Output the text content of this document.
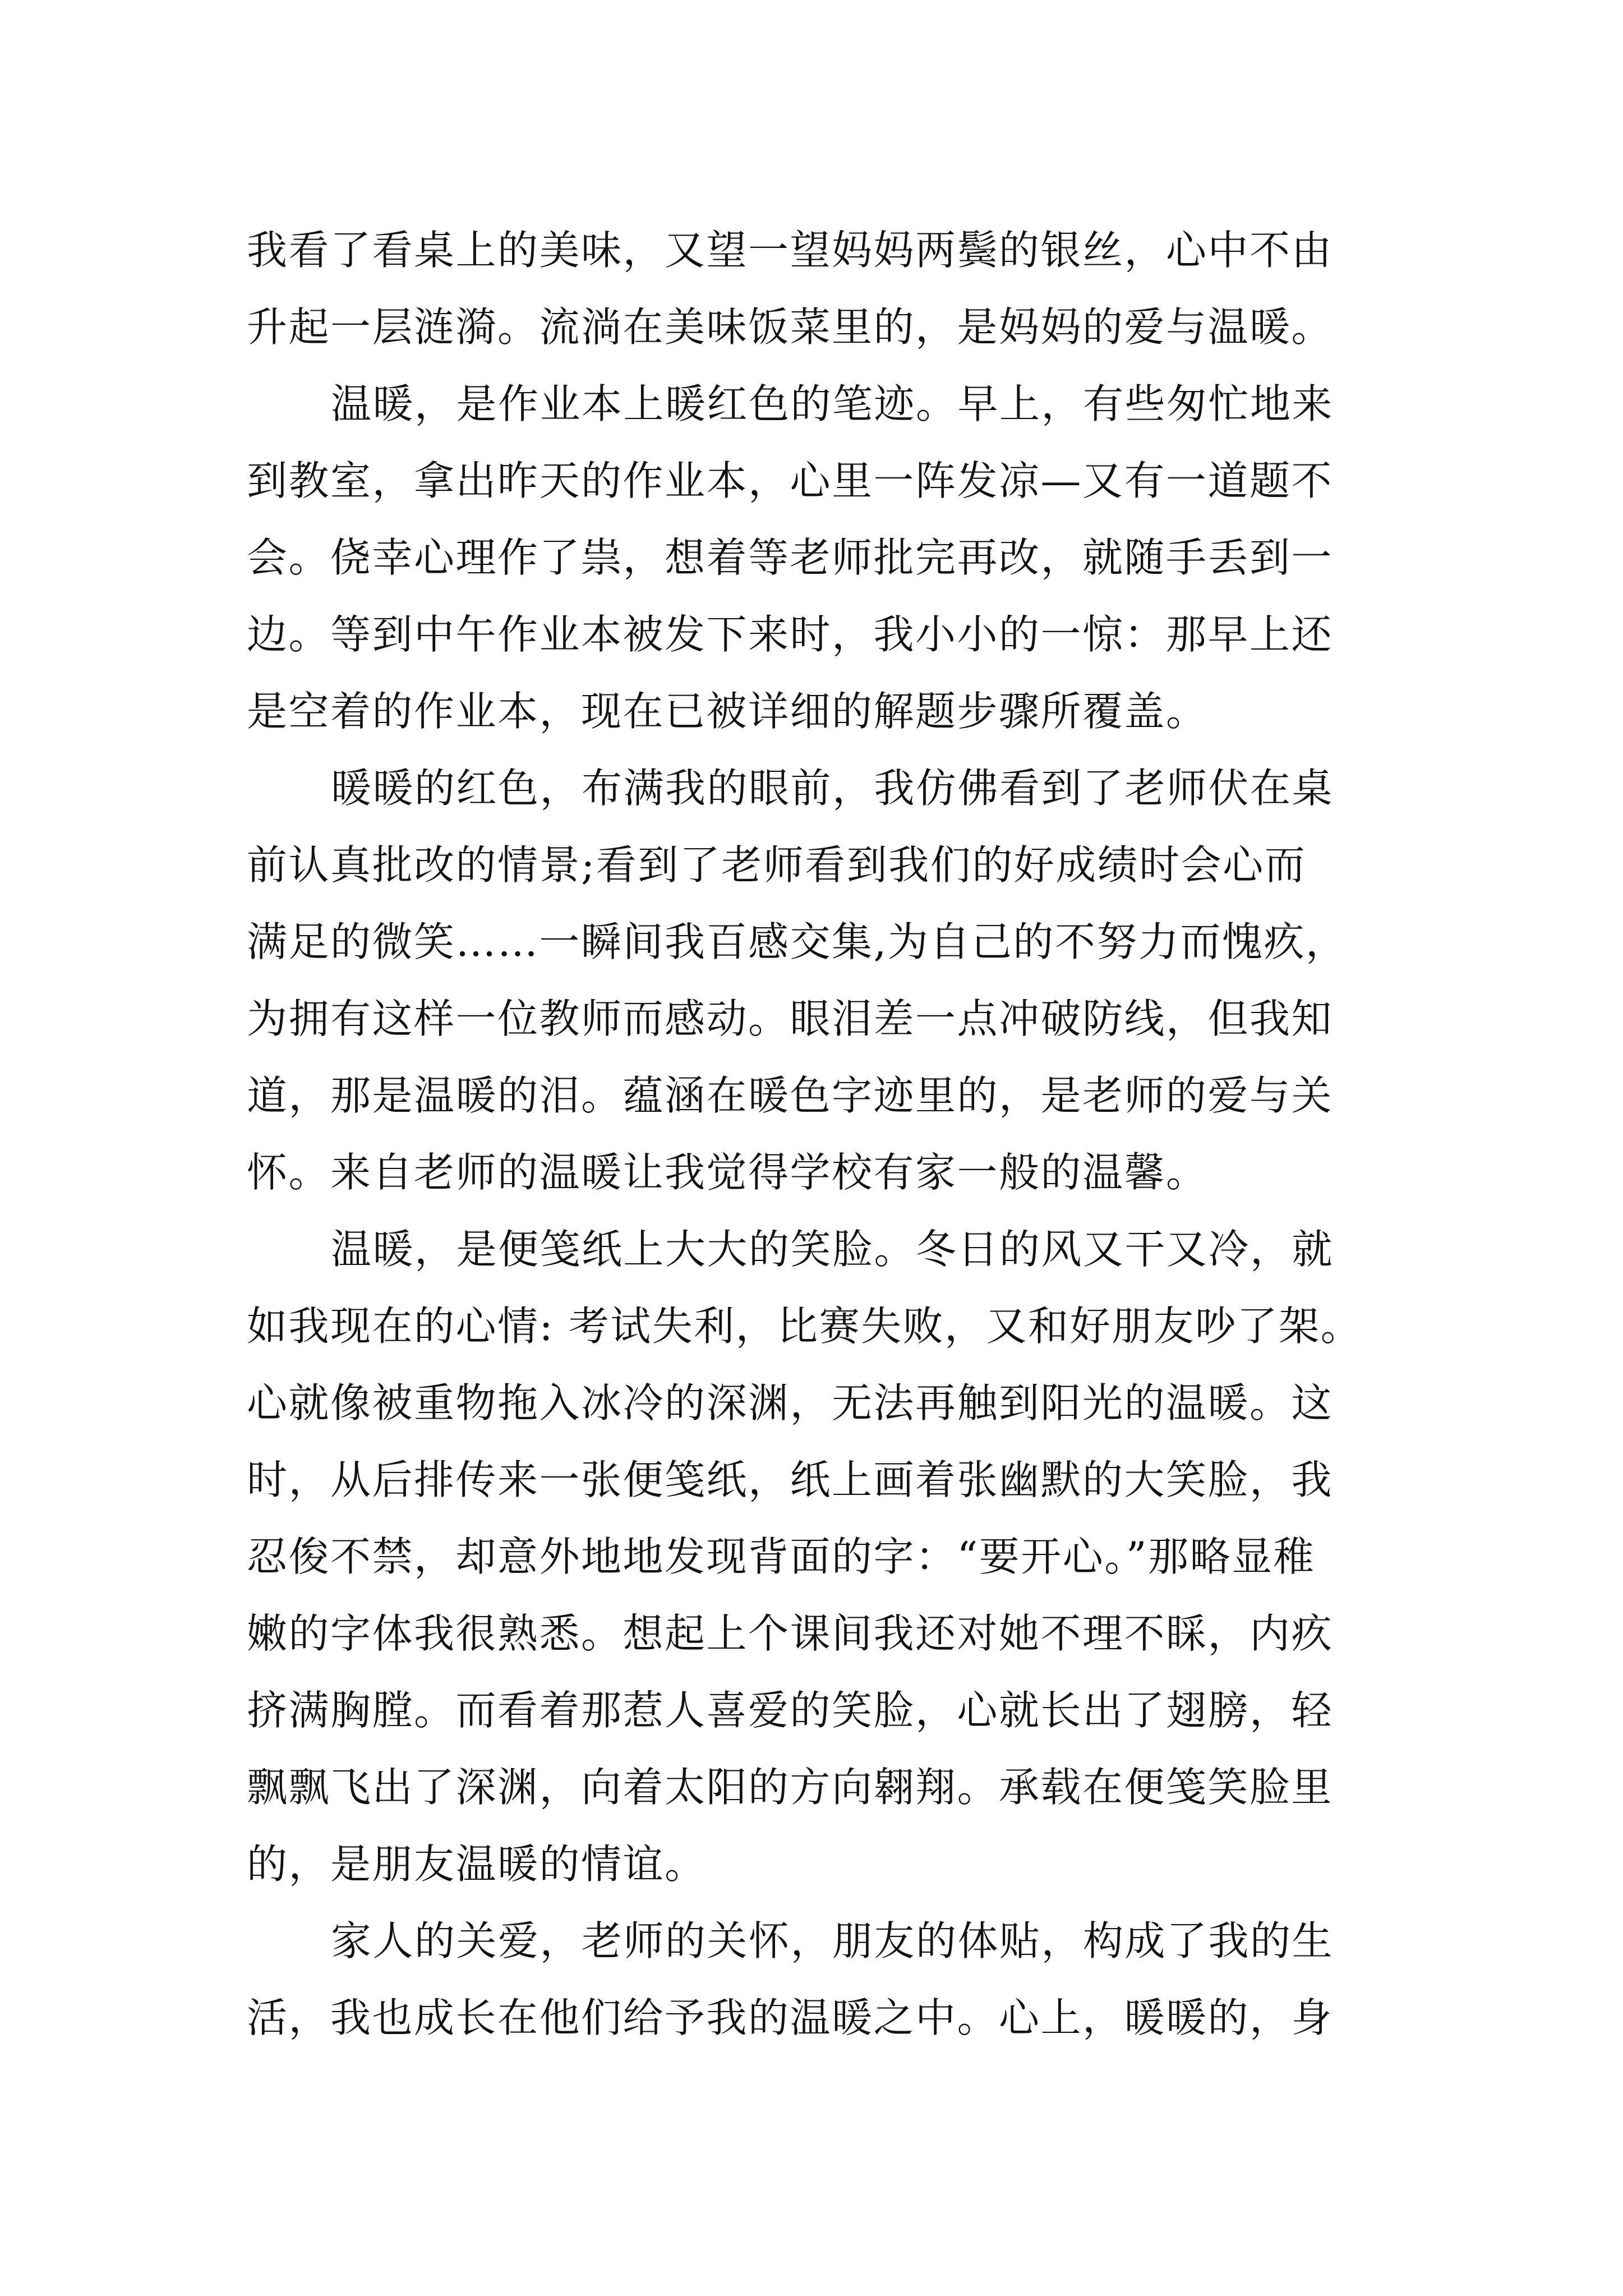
我看了看桌上的美味，又望一望妈妈两鬓的银丝，心中不由
升起一层涟漪。流淌在美味饭菜里的，是妈妈的爱与温暖。
温暖，是作业本上暖红色的笔迹。早上，有些匆忙地来
到教室，拿出昨天的作业本，心里一阵发凉—又有一道题不
会。侥幸心理作了祟，想着等老师批完再改，就随手丢到一
边。等到中午作业本被发下来时，我小小的一惊：那早上还
是空着的作业本，现在已被详细的解题步骤所覆盖。
暖暖的红色，布满我的眼前，我仿佛看到了老师伏在桌
前认真批改的情景;看到了老师看到我们的好成绩时会心而
满足的微笑……一瞬间我百感交集,为自己的不努力而愧疚，
为拥有这样一位教师而感动。眼泪差一点冲破防线，但我知
道，那是温暖的泪。蕴涵在暖色字迹里的，是老师的爱与关
怀。来自老师的温暖让我觉得学校有家一般的温馨。
温暖，是便笺纸上大大的笑脸。冬日的风又干又冷，就
如我现在的心情: 考试失利，比赛失败，又和好朋友吵了架。
心就像被重物拖入冰冷的深渊，无法再触到阳光的温暖。这
时，从后排传来一张便笺纸，纸上画着张幽默的大笑脸，我
忍俊不禁，却意外地地发现背面的字：“要开心。”那略显稚
嫩的字体我很熟悉。想起上个课间我还对她不理不睬，内疚
挤满胸膛。而看着那惹人喜爱的笑脸，心就长出了翅膀，轻
飘飘飞出了深渊，向着太阳的方向翱翔。承载在便笺笑脸里
的，是朋友温暖的情谊。
家人的关爱，老师的关怀，朋友的体贴，构成了我的生
活，我也成长在他们给予我的温暖之中。心上，暖暖的，身
